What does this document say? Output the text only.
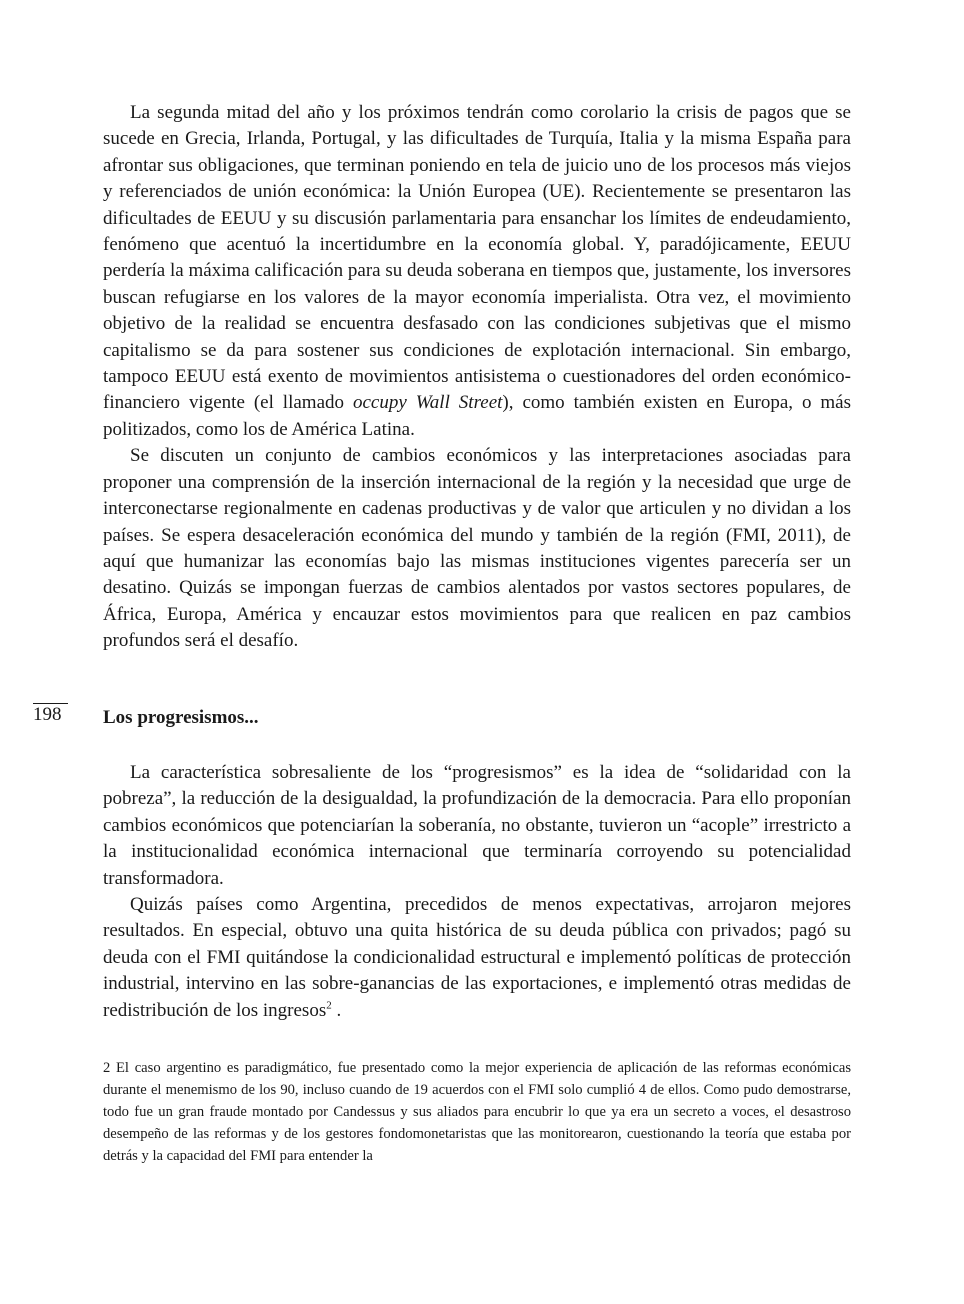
La segunda mitad del año y los próximos tendrán como corolario la crisis de pagos que se sucede en Grecia, Irlanda, Portugal, y las dificultades de Turquía, Italia y la misma España para afrontar sus obligaciones, que terminan poniendo en tela de juicio uno de los procesos más viejos y referenciados de unión económica: la Unión Europea (UE). Recientemente se presentaron las dificultades de EEUU y su discusión parlamentaria para ensanchar los límites de endeudamiento, fenómeno que acentuó la incertidumbre en la economía global. Y, paradójicamente, EEUU perdería la máxima calificación para su deuda soberana en tiempos que, justamente, los inversores buscan refugiarse en los valores de la mayor economía imperialista. Otra vez, el movimiento objetivo de la realidad se encuentra desfasado con las condiciones subjetivas que el mismo capitalismo se da para sostener sus condiciones de explotación internacional. Sin embargo, tampoco EEUU está exento de movimientos antisistema o cuestionadores del orden económico-financiero vigente (el llamado occupy Wall Street), como también existen en Europa, o más politizados, como los de América Latina.

Se discuten un conjunto de cambios económicos y las interpretaciones asociadas para proponer una comprensión de la inserción internacional de la región y la necesidad que urge de interconectarse regionalmente en cadenas productivas y de valor que articulen y no dividan a los países. Se espera desaceleración económica del mundo y también de la región (FMI, 2011), de aquí que humanizar las economías bajo las mismas instituciones vigentes parecería ser un desatino. Quizás se impongan fuerzas de cambios alentados por vastos sectores populares, de África, Europa, América y encauzar estos movimientos para que realicen en paz cambios profundos será el desafío.

198	Los progresismos...

La característica sobresaliente de los “progresismos” es la idea de “solidaridad con la pobreza”, la reducción de la desigualdad, la profundización de la democracia. Para ello proponían cambios económicos que potenciarían la soberanía, no obstante, tuvieron un “acople” irrestricto a la institucionalidad económica internacional que terminaría corroyendo su potencialidad transformadora.

Quizás países como Argentina, precedidos de menos expectativas, arrojaron mejores resultados. En especial, obtuvo una quita histórica de su deuda pública con privados; pagó su deuda con el FMI quitándose la condicionalidad estructural e implementó políticas de protección industrial, intervino en las sobre-ganancias de las exportaciones, e implementó otras medidas de redistribución de los ingresos$^2$ .

2 El caso argentino es paradigmático, fue presentado como la mejor experiencia de aplicación de las reformas económicas durante el menemismo de los 90, incluso cuando de 19 acuerdos con el FMI solo cumplió 4 de ellos. Como pudo demostrarse, todo fue un gran fraude montado por Candessus y sus aliados para encubrir lo que ya era un secreto a voces, el desastroso desempeño de las reformas y de los gestores fondomonetaristas que las monitorearon, cuestionando la teoría que estaba por detrás y la capacidad del FMI para entender la
